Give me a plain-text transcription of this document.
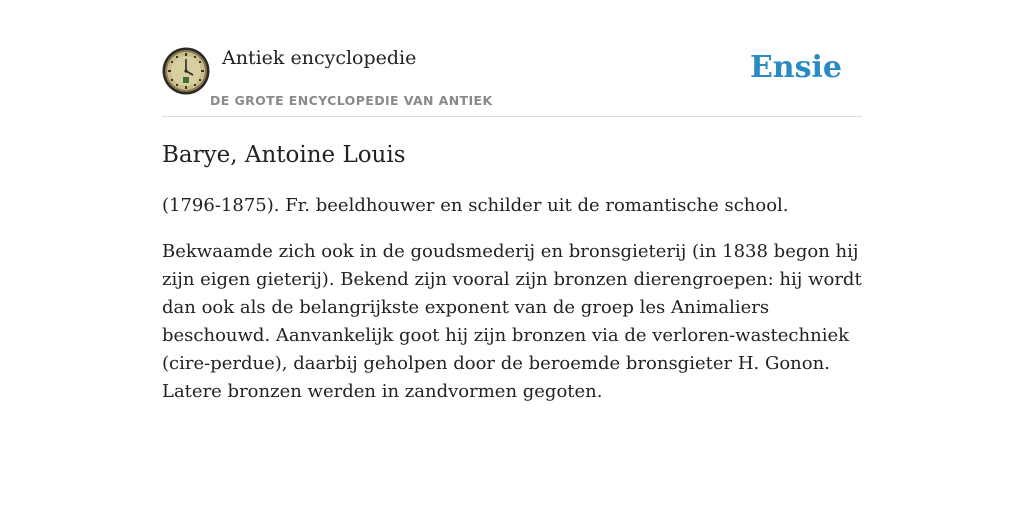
Antiek encyclopedie
DE GROTE ENCYCLOPEDIE VAN ANTIEK
Ensie
Barye, Antoine Louis

(1796-1875). Fr. beeldhouwer en schilder uit de romantische school.

Bekwaamde zich ook in de goudsmederij en bronsgieterij (in 1838 begon hij zijn eigen gieterij). Bekend zijn vooral zijn bronzen dierengroepen: hij wordt dan ook als de belangrijkste exponent van de groep les Animaliers beschouwd. Aanvankelijk goot hij zijn bronzen via de verloren-wastechniek (cire-perdue), daarbij geholpen door de beroemde bronsgieter H. Gonon. Latere bronzen werden in zandvormen gegoten.
